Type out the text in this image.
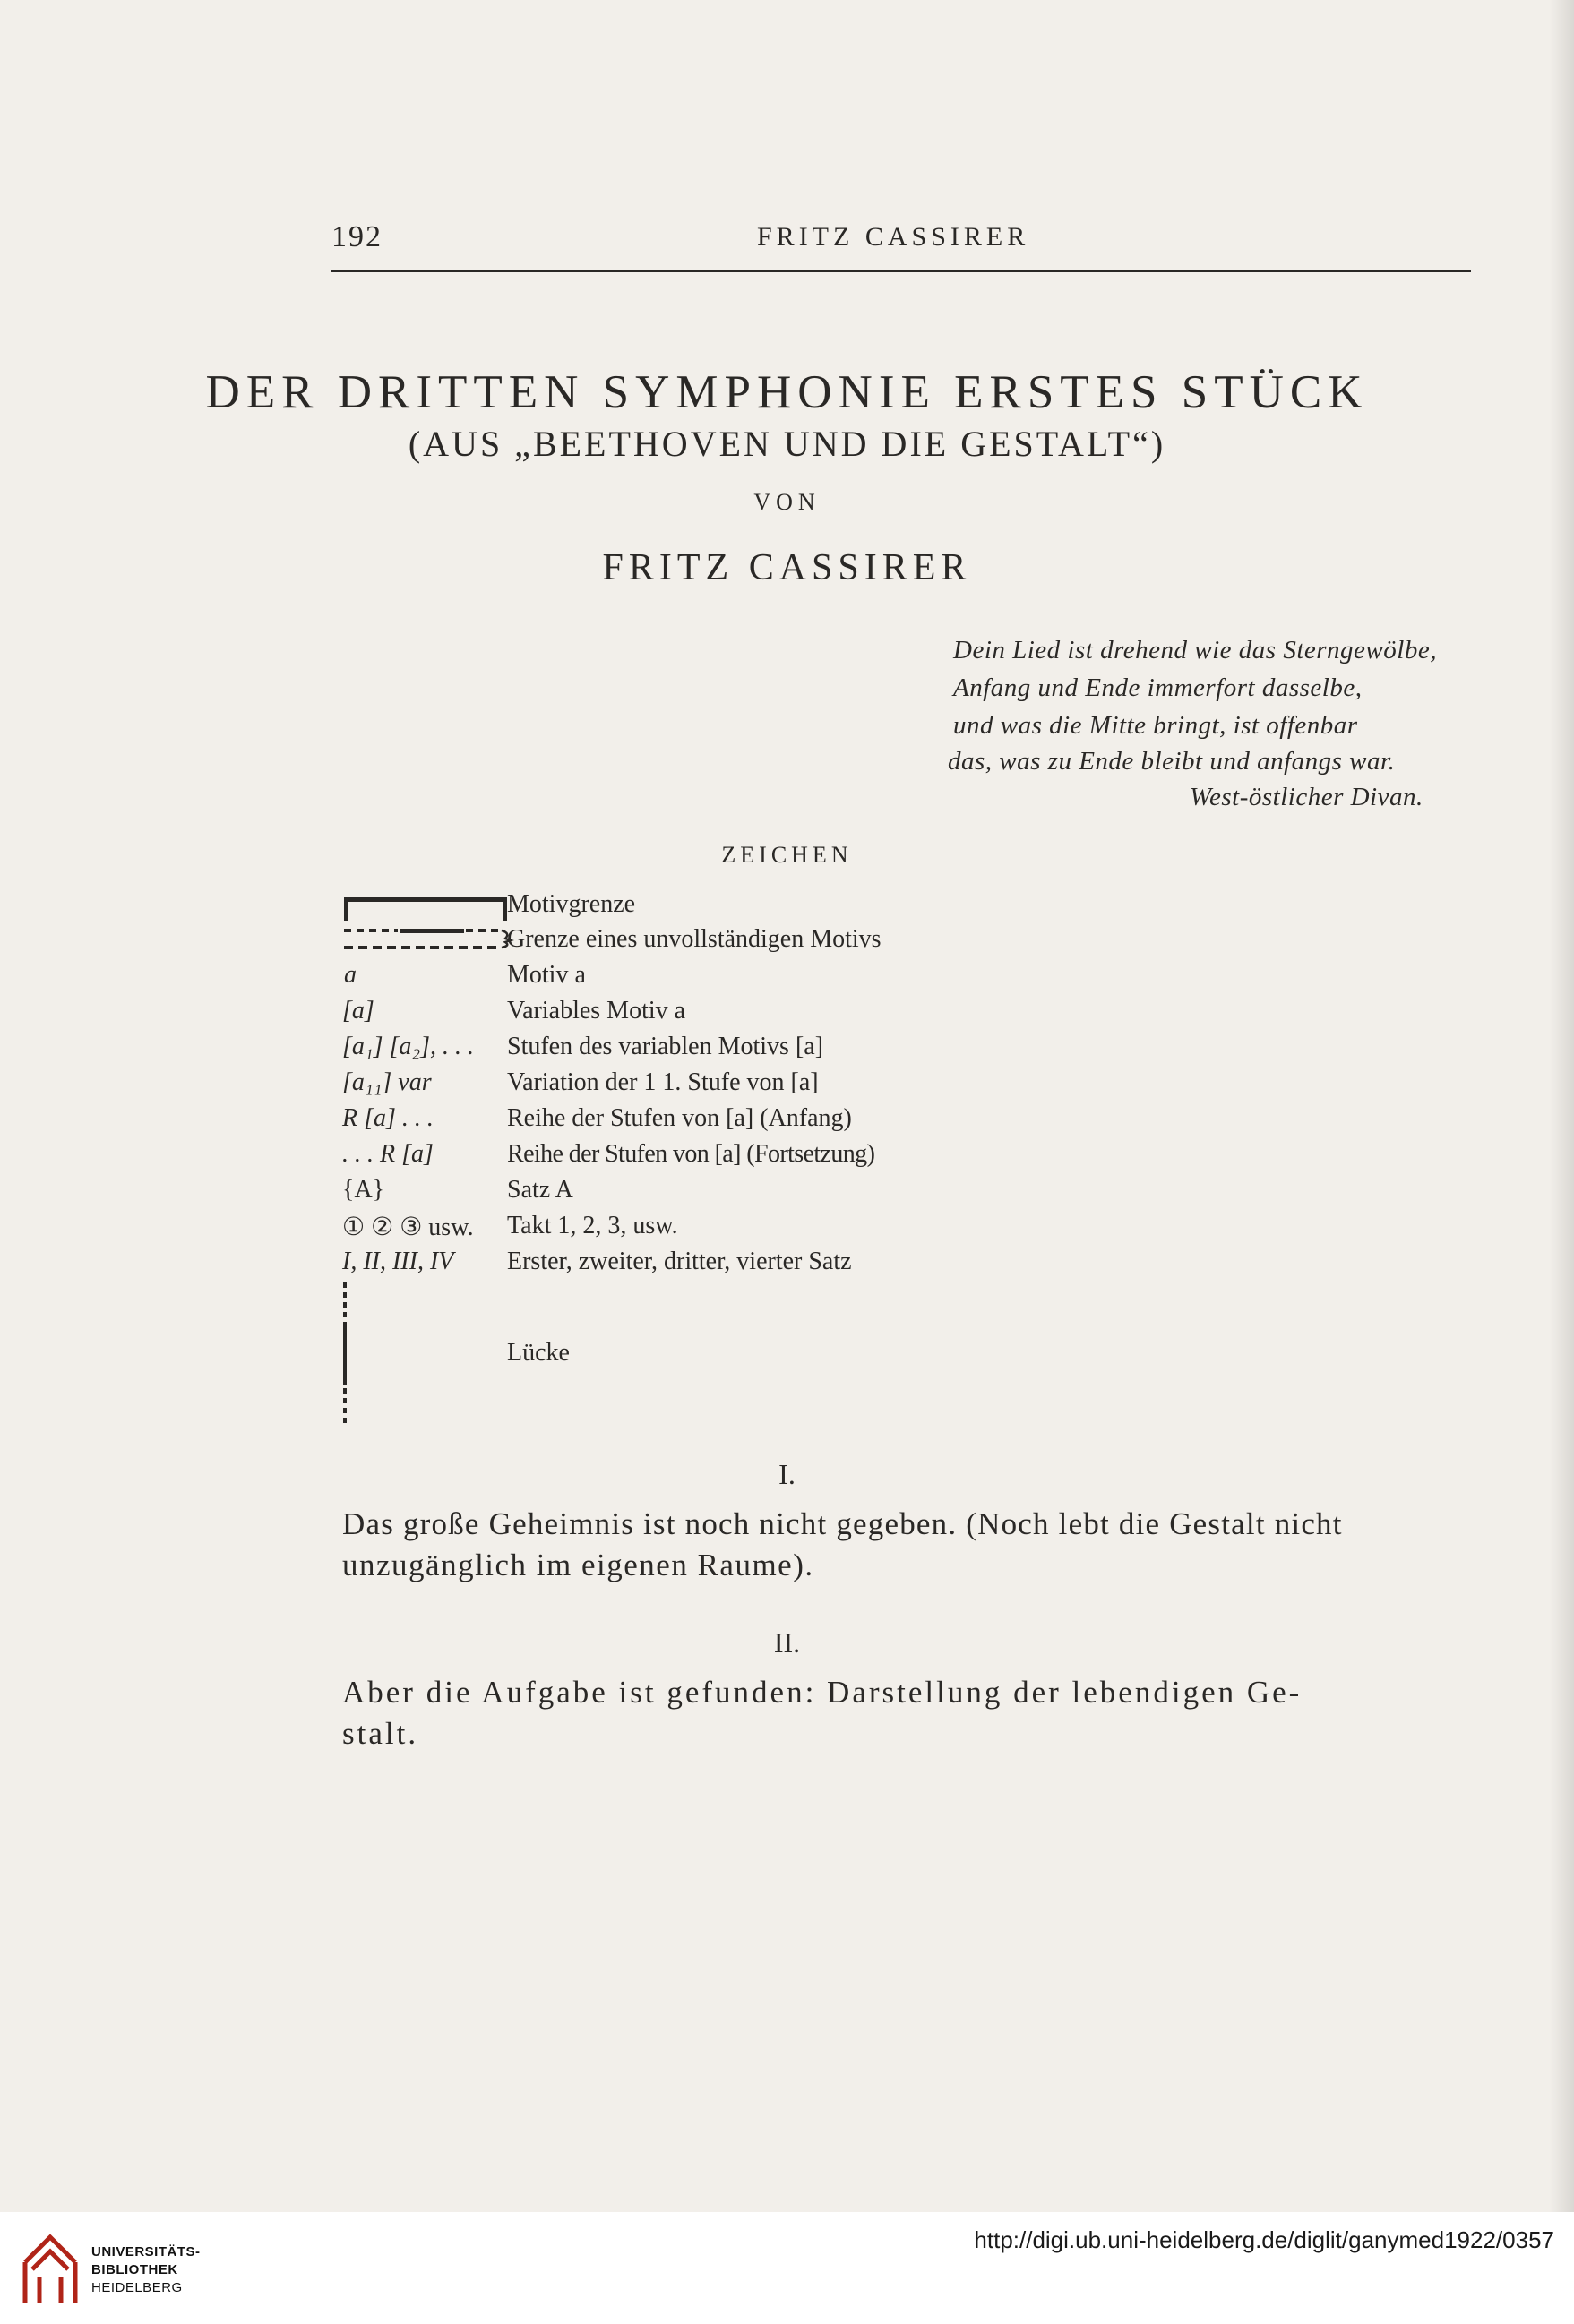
192	FRITZ CASSIRER
DER DRITTEN SYMPHONIE ERSTES STÜCK
(AUS „BEETHOVEN UND DIE GESTALT“)
VON
FRITZ CASSIRER
Dein Lied ist drehend wie das Sterngewölbe,
Anfang und Ende immerfort dasselbe,
und was die Mitte bringt, ist offenbar
das, was zu Ende bleibt und anfangs war.
West-östlicher Divan.
ZEICHEN
Motivgrenze
Grenze eines unvollständigen Motivs
a	Motiv a
[a]	Variables Motiv a
[a₁] [a₂], . . . Stufen des variablen Motivs [a]
[a₁₁] var	Variation der 1 1. Stufe von [a]
R [a] . . .	Reihe der Stufen von [a] (Anfang)
. . . R [a]	Reihe der Stufen von [a] (Fortsetzung)
{A}	Satz A
① ② ③ usw. Takt 1, 2, 3, usw.
I, II, III, IV Erster, zweiter, dritter, vierter Satz
Lücke
I.
Das große Geheimnis ist noch nicht gegeben. (Noch lebt die Gestalt nicht
unzugänglich im eigenen Raume).
II.
Aber die Aufgabe ist gefunden: Darstellung der lebendigen Ge-
stalt.
UNIVERSITÄTS-
BIBLIOTHEK
HEIDELBERG
http://digi.ub.uni-heidelberg.de/diglit/ganymed1922/0357
